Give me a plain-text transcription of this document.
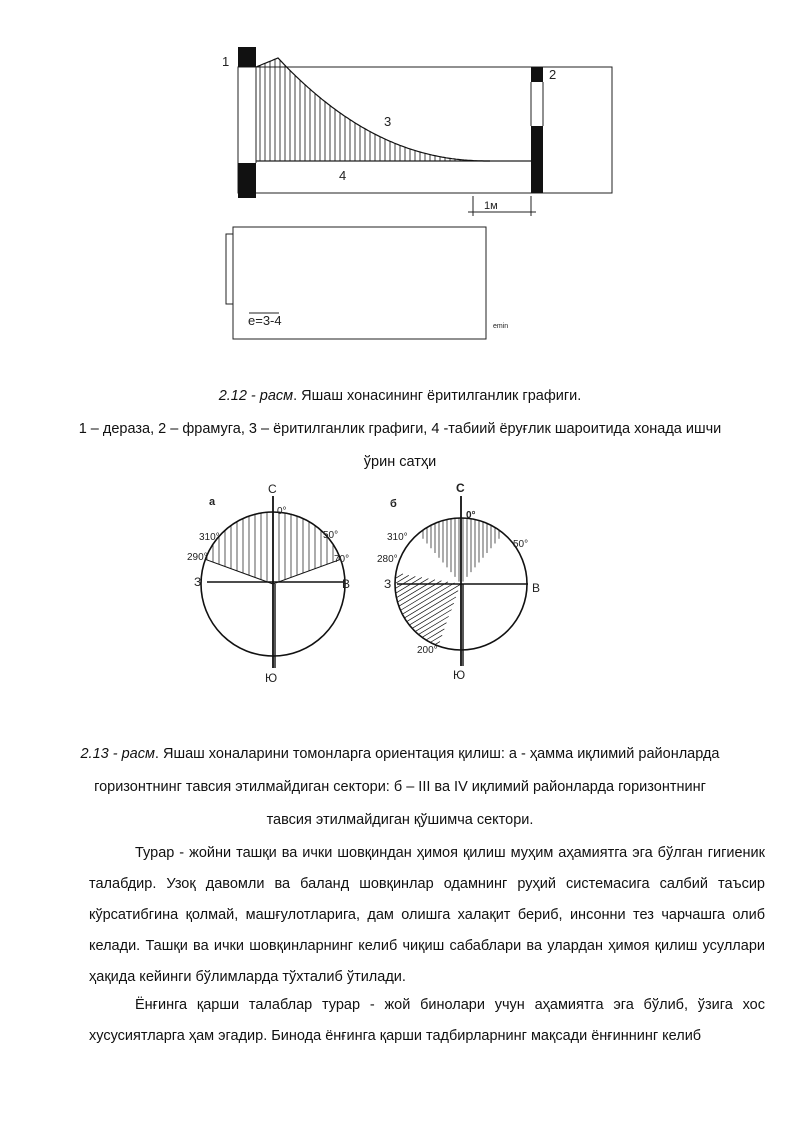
1
2
3
4
1м
e=3-4	emin

2.12 - расм. Яшаш хонасининг ёритилганлик графиги.
1 – дераза, 2 – фрамуга, 3 – ёритилганлик графиги, 4 -табиий ёруғлик шароитида хонада ишчи
ўрин сатҳи

а
С
Ю
З	В
0°
50°
70°
290°
310°
б
С
Ю
З	В
0°
50°
280°
310°
200°

2.13 - расм. Яшаш хоналарини томонларга ориентация қилиш: а - ҳамма иқлимий районларда
горизонтнинг тавсия этилмайдиган сектори: б – III ва IV иқлимий районларда горизонтнинг
тавсия этилмайдиган қўшимча сектори.

Турар - жойни ташқи ва ички шовқиндан ҳимоя қилиш муҳим аҳамиятга эга бўлган гигиеник талабдир. Узоқ давомли ва баланд шовқинлар одамнинг руҳий системасига салбий таъсир кўрсатибгина қолмай, машғулотларига, дам олишга халақит бериб, инсонни тез чарчашга олиб келади. Ташқи ва ички шовқинларнинг келиб чиқиш сабаблари ва улардан ҳимоя қилиш усуллари ҳақида кейинги бўлимларда тўхталиб ўтилади.

Ёнғинга қарши талаблар турар - жой бинолари учун аҳамиятга эга бўлиб, ўзига хос хусусиятларга ҳам эгадир. Бинода ёнғинга қарши тадбирларнинг мақсади ёнғиннинг келиб
